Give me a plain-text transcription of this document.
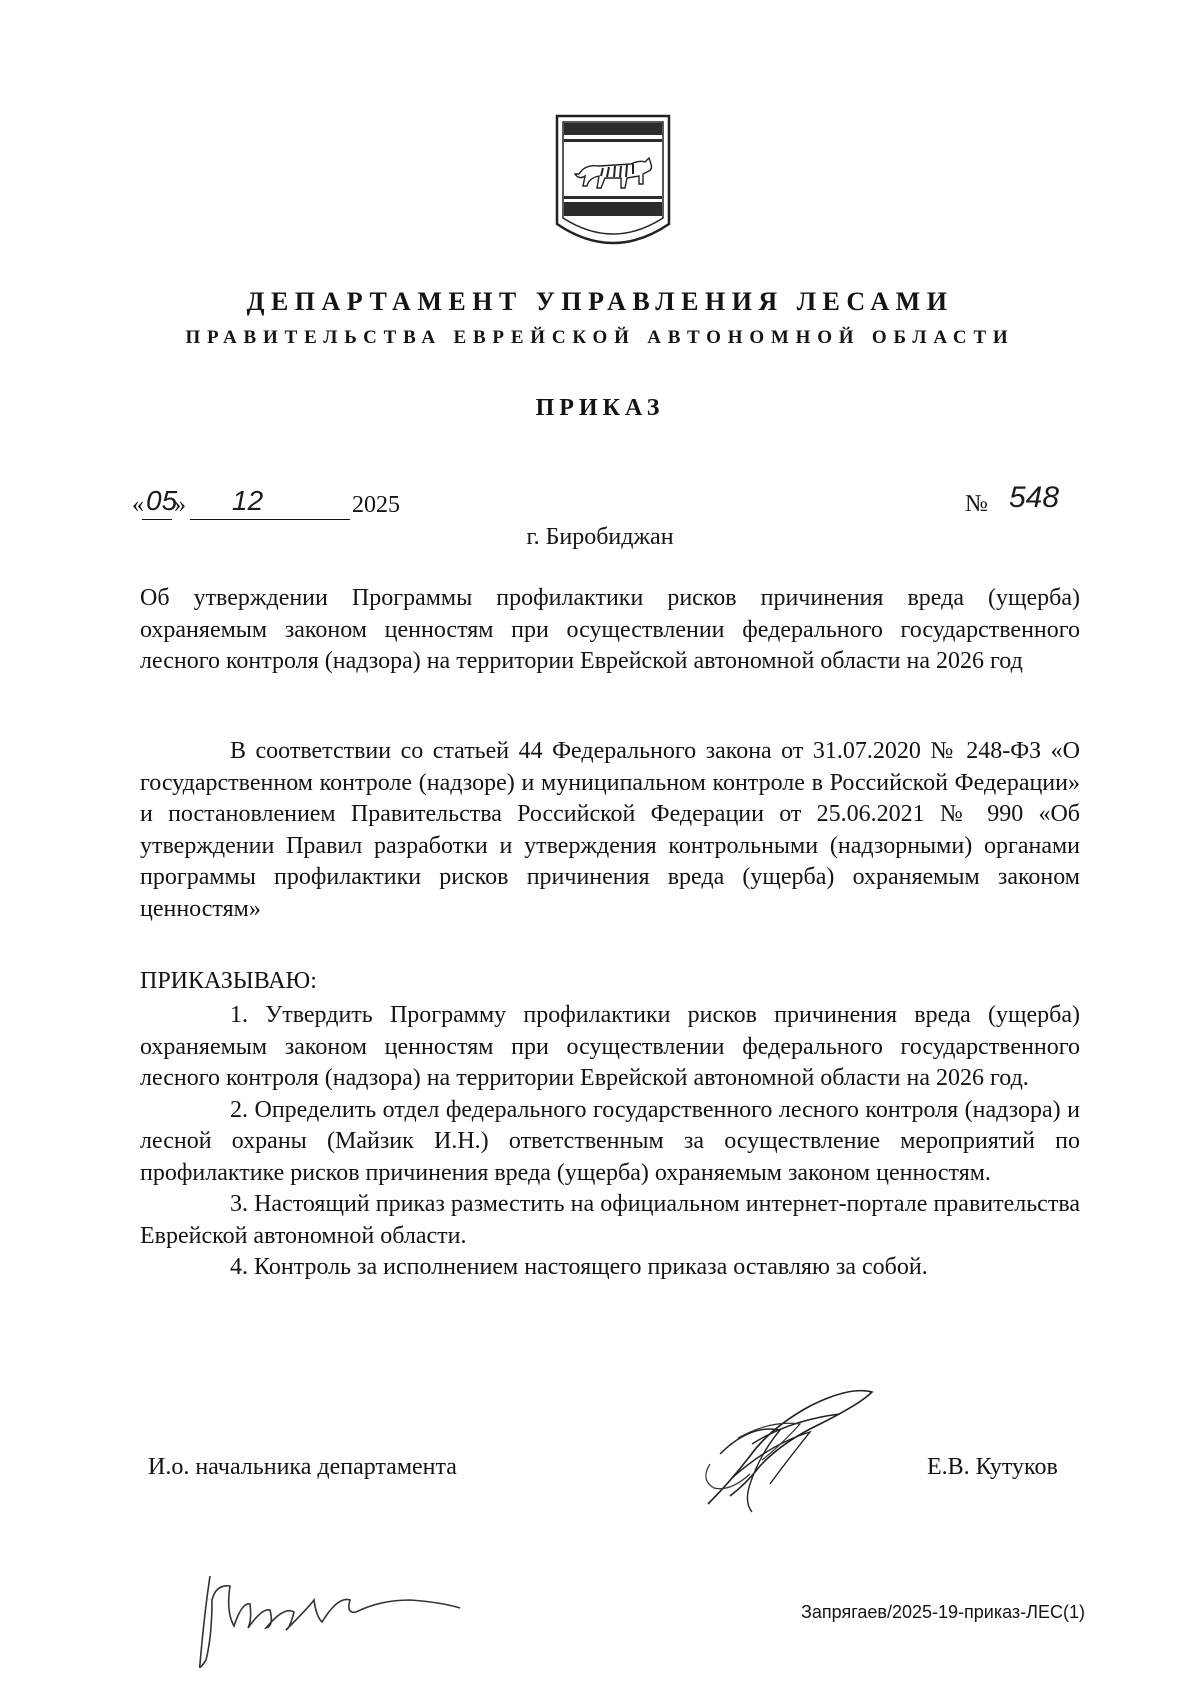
ДЕПАРТАМЕНТ УПРАВЛЕНИЯ ЛЕСАМИ
ПРАВИТЕЛЬСТВА ЕВРЕЙСКОЙ АВТОНОМНОЙ ОБЛАСТИ
ПРИКАЗ
« 05
» 12	2025	№ 548
г. Биробиджан

Об утверждении Программы профилактики рисков причинения вреда (ущерба) охраняемым законом ценностям при осуществлении федерального государственного лесного контроля (надзора) на территории Еврейской автономной области на 2026 год

В соответствии со статьей 44 Федерального закона от 31.07.2020 № 248-ФЗ «О государственном контроле (надзоре) и муниципальном контроле в Российской Федерации» и постановлением Правительства Российской Федерации от 25.06.2021 № 990 «Об утверждении Правил разработки и утверждения контрольными (надзорными) органами программы профилактики рисков причинения вреда (ущерба) охраняемым законом ценностям»

ПРИКАЗЫВАЮ:

1. Утвердить Программу профилактики рисков причинения вреда (ущерба) охраняемым законом ценностям при осуществлении федерального государственного лесного контроля (надзора) на территории Еврейской автономной области на 2026 год.

2. Определить отдел федерального государственного лесного контроля (надзора) и лесной охраны (Майзик И.Н.) ответственным за осуществление мероприятий по профилактике рисков причинения вреда (ущерба) охраняемым законом ценностям.

3. Настоящий приказ разместить на официальном интернет-портале правительства Еврейской автономной области.

4. Контроль за исполнением настоящего приказа оставляю за собой.

И.о. начальника департамента	Е.В. Кутуков
Запрягаев/2025-19-приказ-ЛЕС(1)
